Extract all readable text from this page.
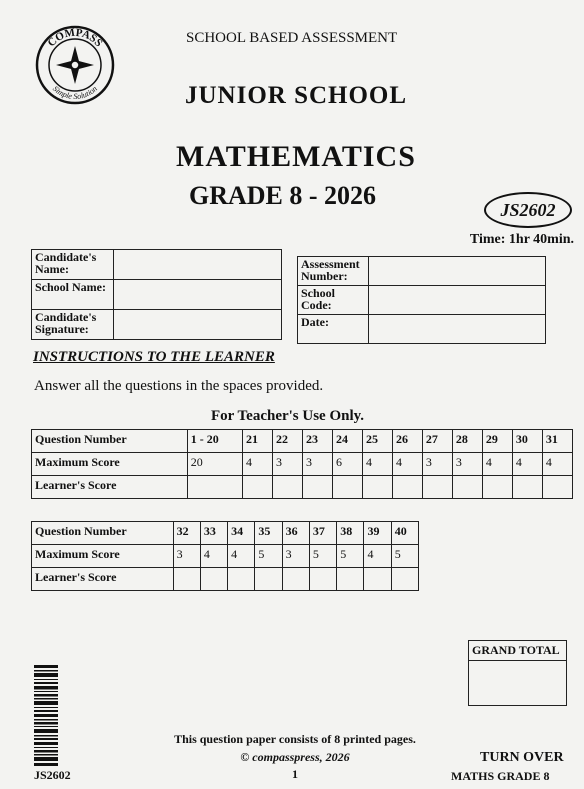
COMPASS
Simple Solution
SCHOOL BASED ASSESSMENT
JUNIOR SCHOOL
MATHEMATICS
GRADE 8 - 2026	JS2602
Time: 1hr 40min.
Candidate's Name:	
School Name:	
Candidate's Signature:	
Assessment Number:	
School Code:	
Date:	
INSTRUCTIONS TO THE LEARNER
Answer all the questions in the spaces provided.
For Teacher's Use Only.
Question Number	1 - 20	21	22	23	24	25	26	27	28	29	30	31
Maximum Score	20	4	3	3	6	4	4	3	3	4	4	4
Learner's Score												
Question Number	32	33	34	35	36	37	38	39	40
Maximum Score	3	4	4	5	3	5	5	4	5
Learner's Score									
GRAND TOTAL

JS2602
This question paper consists of 8 printed pages.
© compasspress, 2026
1
TURN OVER
MATHS GRADE 8
